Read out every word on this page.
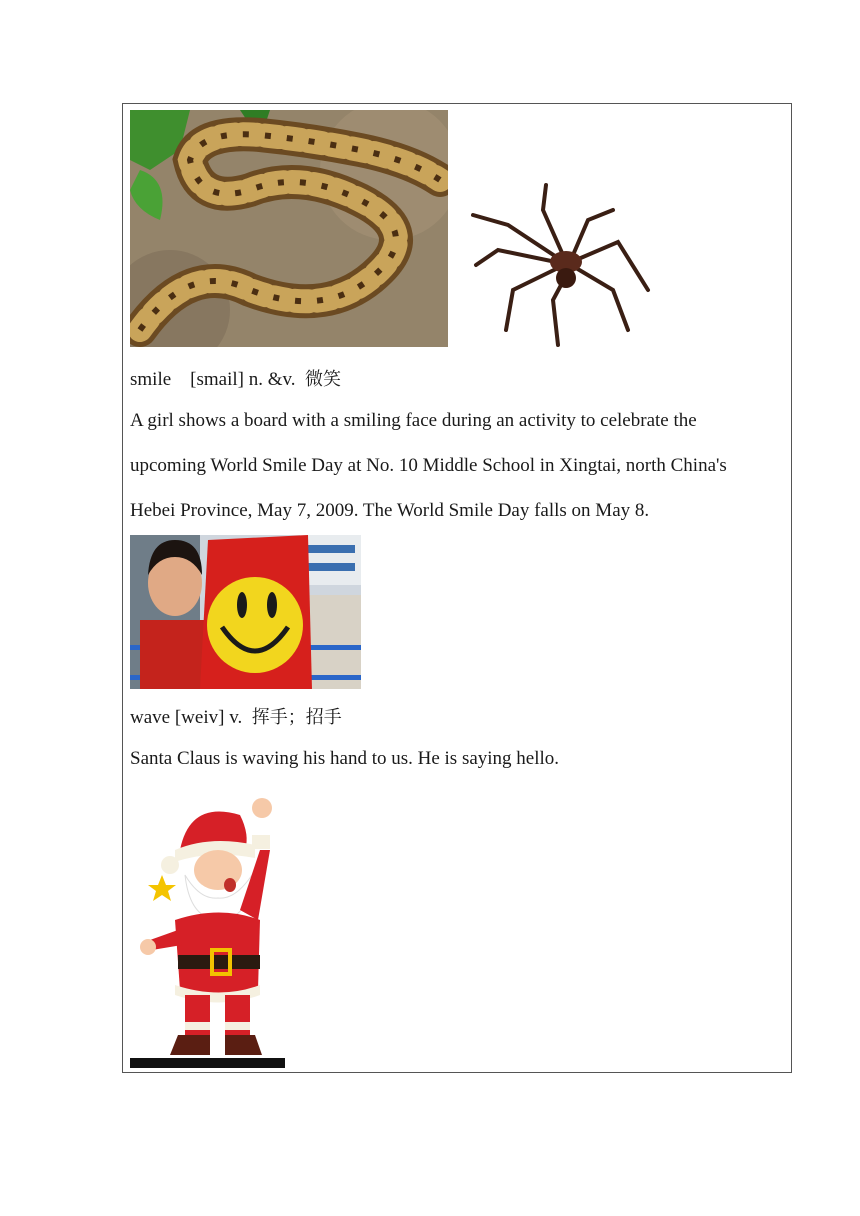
smile [smail] n. &v. 微笑
A girl shows a board with a smiling face during an activity to celebrate the
upcoming World Smile Day at No. 10 Middle School in Xingtai, north China's
Hebei Province, May 7, 2009. The World Smile Day falls on May 8.
wave [weiv] v. 挥手；招手
Santa Claus is waving his hand to us. He is saying hello.
